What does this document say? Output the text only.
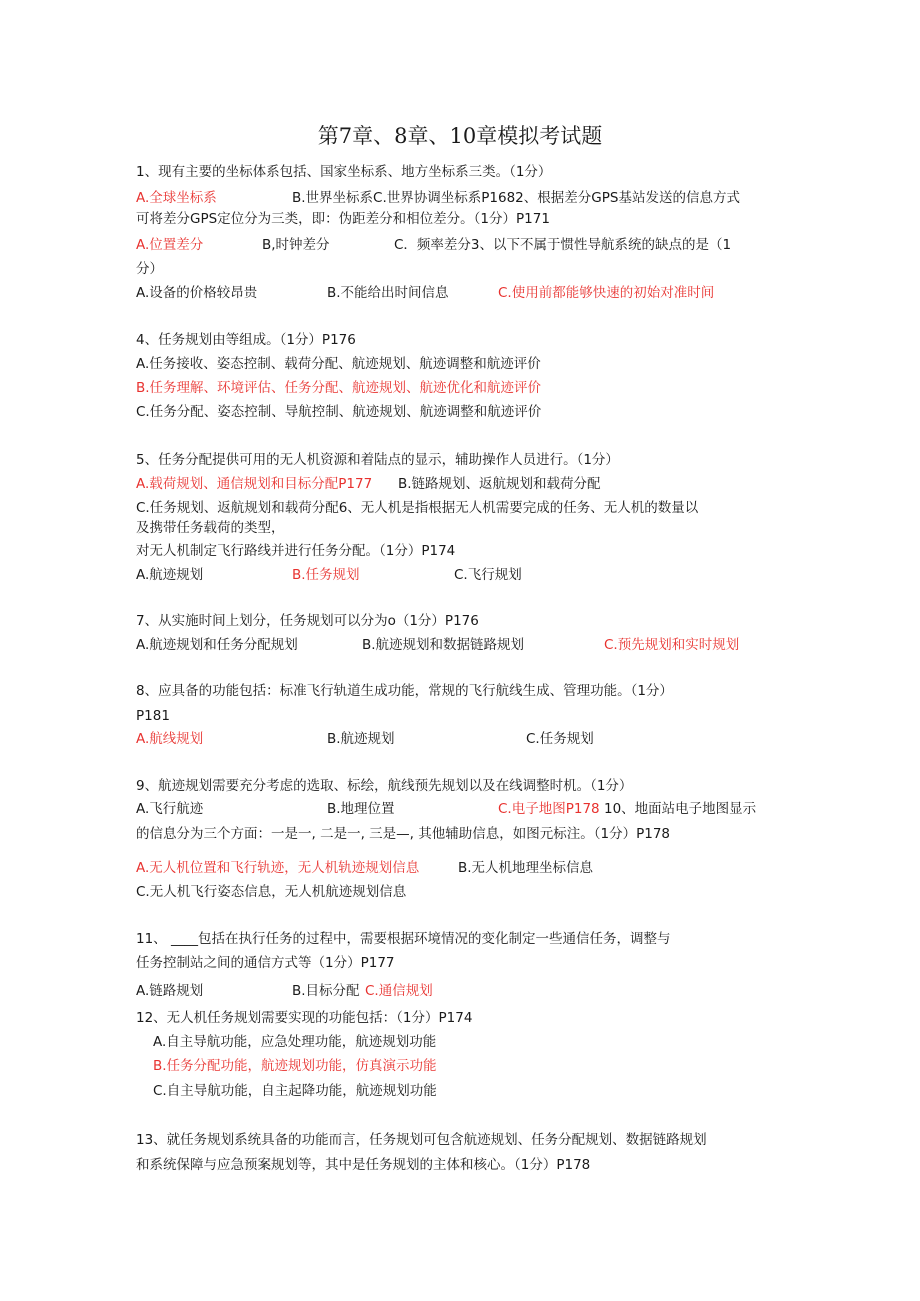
第7章、8章、10章模拟考试题
1、现有主要的坐标体系包括、国家坐标系、地方坐标系三类。（1分）
A.全球坐标系	B.世界坐标系C.世界协调坐标系P1682、根据差分GPS基站发送的信息方式
可将差分GPS定位分为三类，即：伪距差分和相位差分。（1分）P171
A.位置差分	B,时钟差分	C．频率差分3、以下不属于惯性导航系统的缺点的是（1
分）
A.设备的价格较昂贵	B.不能给出时间信息	C.使用前都能够快速的初始对准时间
4、任务规划由等组成。（1分）P176
A.任务接收、姿态控制、载荷分配、航迹规划、航迹调整和航迹评价
B.任务理解、环境评估、任务分配、航迹规划、航迹优化和航迹评价
C.任务分配、姿态控制、导航控制、航迹规划、航迹调整和航迹评价
5、任务分配提供可用的无人机资源和着陆点的显示，辅助操作人员进行。（1分）
A.载荷规划、通信规划和目标分配P177 B.链路规划、返航规划和载荷分配
C.任务规划、返航规划和载荷分配6、无人机是指根据无人机需要完成的任务、无人机的数量以
及携带任务载荷的类型，
对无人机制定飞行路线并进行任务分配。（1分）P174
A.航迹规划	B.任务规划	C.飞行规划
7、从实施时间上划分，任务规划可以分为o（1分）P176
A.航迹规划和任务分配规划	B.航迹规划和数据链路规划	C.预先规划和实时规划
8、应具备的功能包括：标准飞行轨道生成功能，常规的飞行航线生成、管理功能。（1分）
P181
A.航线规划	B.航迹规划	C.任务规划
9、航迹规划需要充分考虑的选取、标绘，航线预先规划以及在线调整时机。（1分）
A.飞行航迹	B.地理位置	C.电子地图P178 10、地面站电子地图显示
的信息分为三个方面：一是一, 二是一, 三是—, 其他辅助信息，如图元标注。（1分）P178
A.无人机位置和飞行轨迹，无人机轨迹规划信息	B.无人机地理坐标信息
C.无人机飞行姿态信息，无人机航迹规划信息
11、 ____包括在执行任务的过程中，需要根据环境情况的变化制定一些通信任务，调整与
任务控制站之间的通信方式等（1分）P177
A.链路规划	B.目标分配 C.通信规划
12、无人机任务规划需要实现的功能包括：（1分）P174
A.自主导航功能，应急处理功能，航迹规划功能
B.任务分配功能，航迹规划功能，仿真演示功能
C.自主导航功能，自主起降功能，航迹规划功能
13、就任务规划系统具备的功能而言，任务规划可包含航迹规划、任务分配规划、数据链路规划
和系统保障与应急预案规划等，其中是任务规划的主体和核心。（1分）P178
